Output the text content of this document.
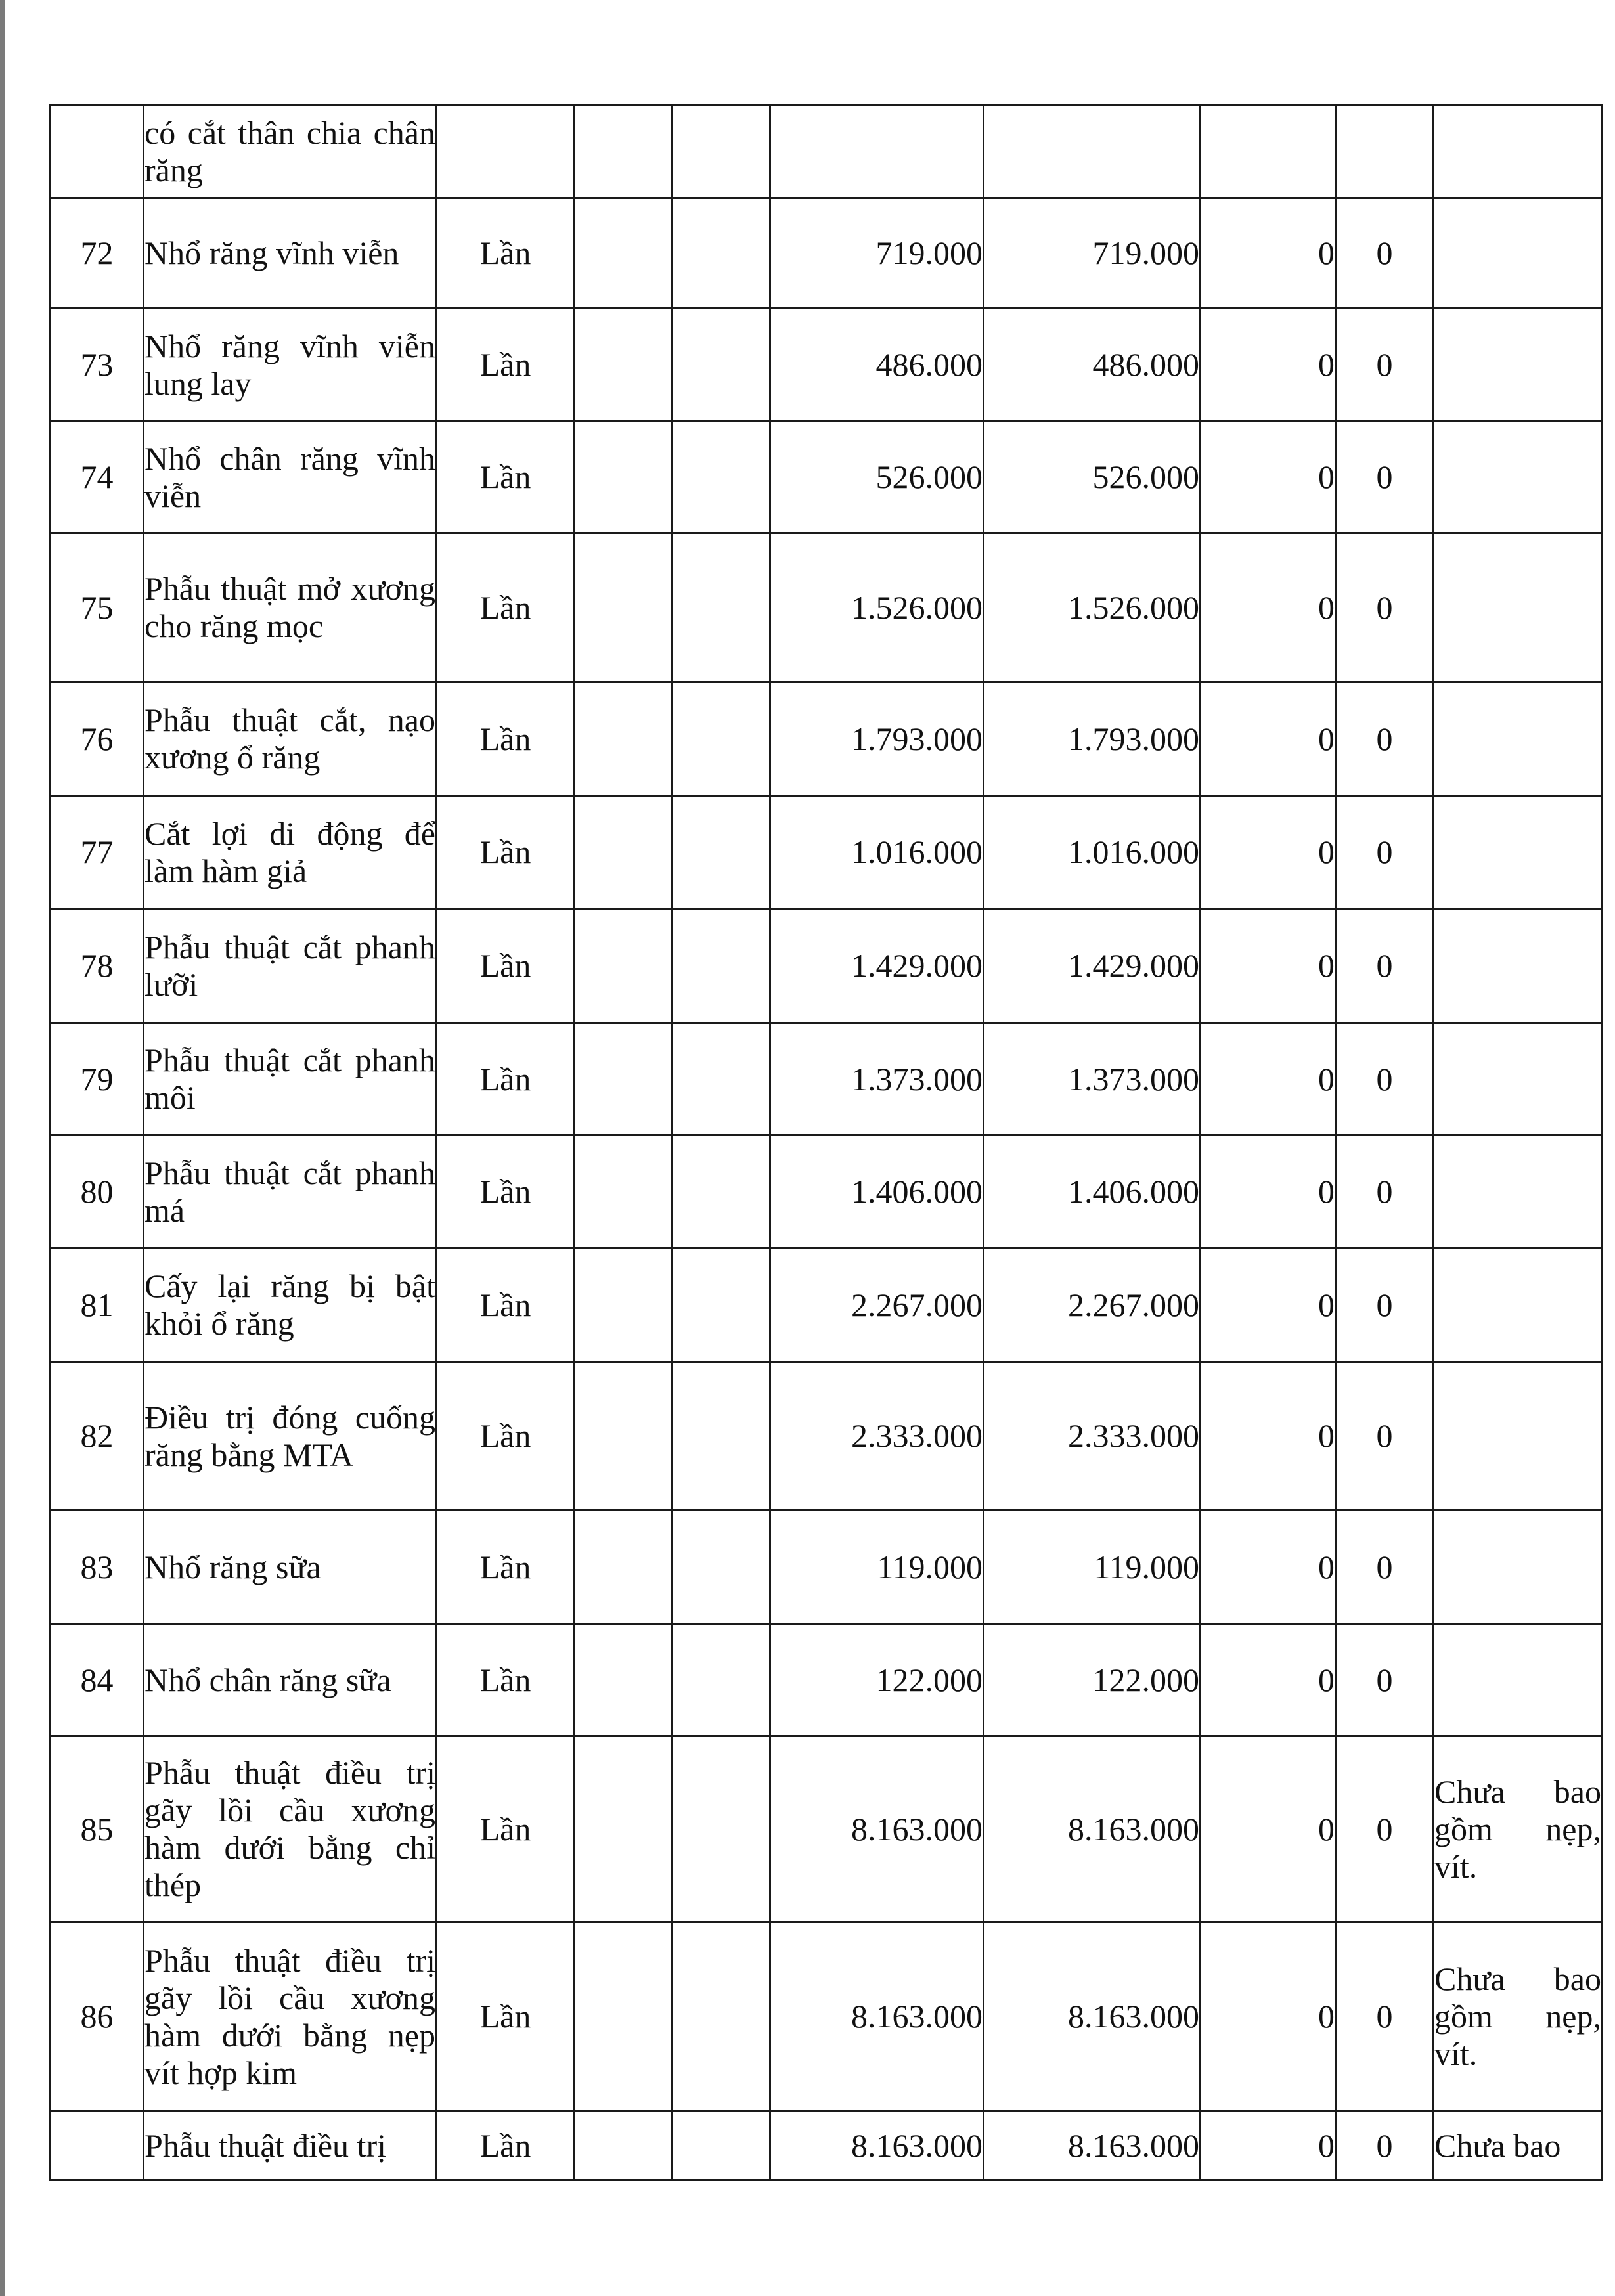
	có cắt thân chia chân răng								

72	Nhổ răng vĩnh viễn	Lần			719.000	719.000	0	0	
73	Nhổ răng vĩnh viễn lung lay	Lần			486.000	486.000	0	0	
74	Nhổ chân răng vĩnh viễn	Lần			526.000	526.000	0	0	
75	Phẫu thuật mở xương cho răng mọc	Lần			1.526.000	1.526.000	0	0	
76	Phẫu thuật cắt, nạo xương ổ răng	Lần			1.793.000	1.793.000	0	0	
77	Cắt lợi di động để làm hàm giả	Lần			1.016.000	1.016.000	0	0	
78	Phẫu thuật cắt phanh lưỡi	Lần			1.429.000	1.429.000	0	0	
79	Phẫu thuật cắt phanh môi	Lần			1.373.000	1.373.000	0	0	
80	Phẫu thuật cắt phanh má	Lần			1.406.000	1.406.000	0	0	
81	Cấy lại răng bị bật khỏi ổ răng	Lần			2.267.000	2.267.000	0	0	
82	Điều trị đóng cuống răng bằng MTA	Lần			2.333.000	2.333.000	0	0	
83	Nhổ răng sữa	Lần			119.000	119.000	0	0	
84	Nhổ chân răng sữa	Lần			122.000	122.000	0	0	
85	Phẫu thuật điều trị gãy lồi cầu xương hàm dưới bằng chỉ thép	Lần			8.163.000	8.163.000	0	0	Chưa bao gồm nẹp, vít.
86	Phẫu thuật điều trị gãy lồi cầu xương hàm dưới bằng nẹp vít hợp kim	Lần			8.163.000	8.163.000	0	0	Chưa bao gồm nẹp, vít.

	Phẫu thuật điều trị	Lần			8.163.000	8.163.000	0	0	Chưa bao
